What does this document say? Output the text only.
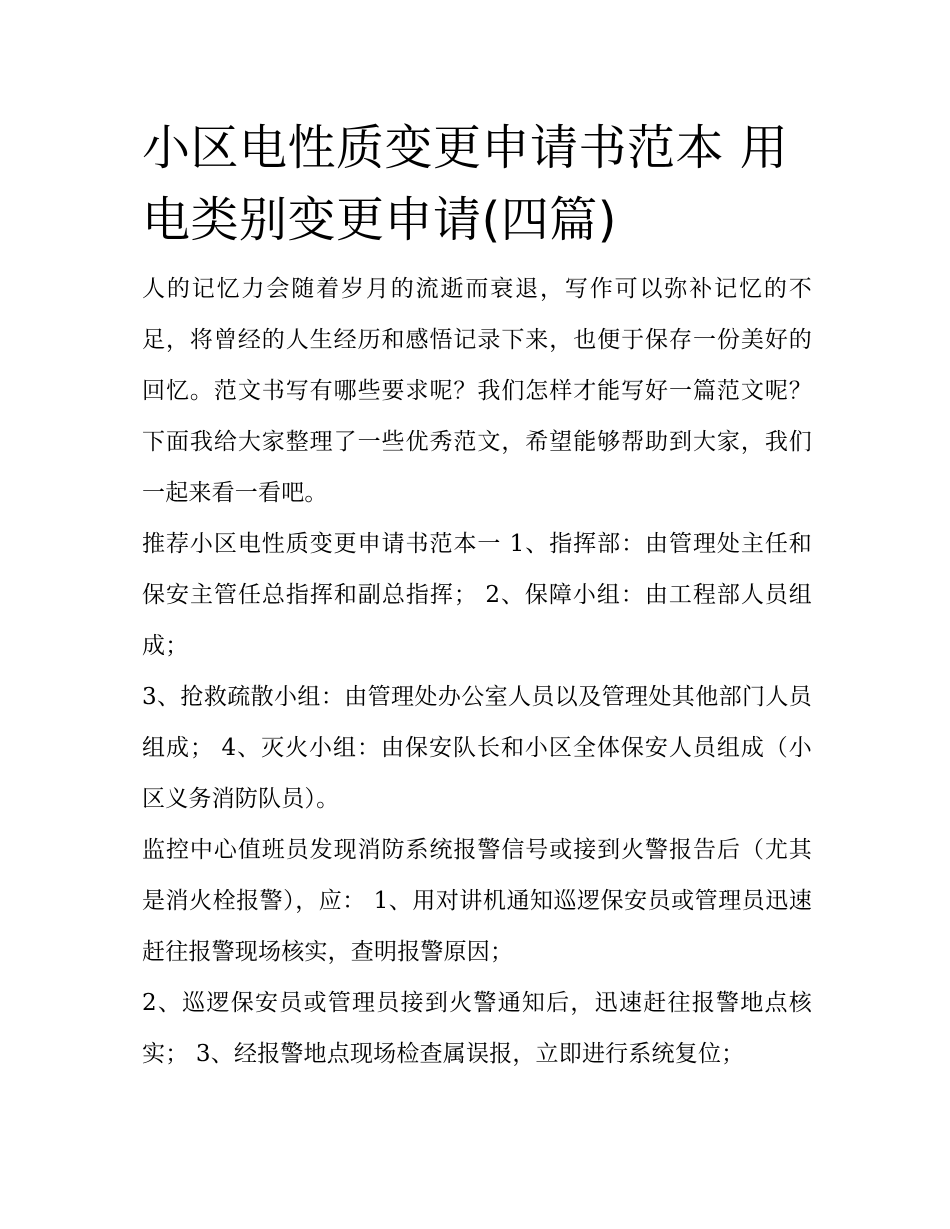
小区电性质变更申请书范本 用电类别变更申请(四篇)

人的记忆力会随着岁月的流逝而衰退，写作可以弥补记忆的不足，将曾经的人生经历和感悟记录下来，也便于保存一份美好的回忆。范文书写有哪些要求呢？我们怎样才能写好一篇范文呢？下面我给大家整理了一些优秀范文，希望能够帮助到大家，我们一起来看一看吧。

推荐小区电性质变更申请书范本一 1、指挥部：由管理处主任和保安主管任总指挥和副总指挥； 2、保障小组：由工程部人员组成；

3、抢救疏散小组：由管理处办公室人员以及管理处其他部门人员组成； 4、灭火小组：由保安队长和小区全体保安人员组成（小区义务消防队员）。

监控中心值班员发现消防系统报警信号或接到火警报告后（尤其是消火栓报警），应： 1、用对讲机通知巡逻保安员或管理员迅速赶往报警现场核实，查明报警原因；

2、巡逻保安员或管理员接到火警通知后，迅速赶往报警地点核实； 3、经报警地点现场检查属误报，立即进行系统复位；
